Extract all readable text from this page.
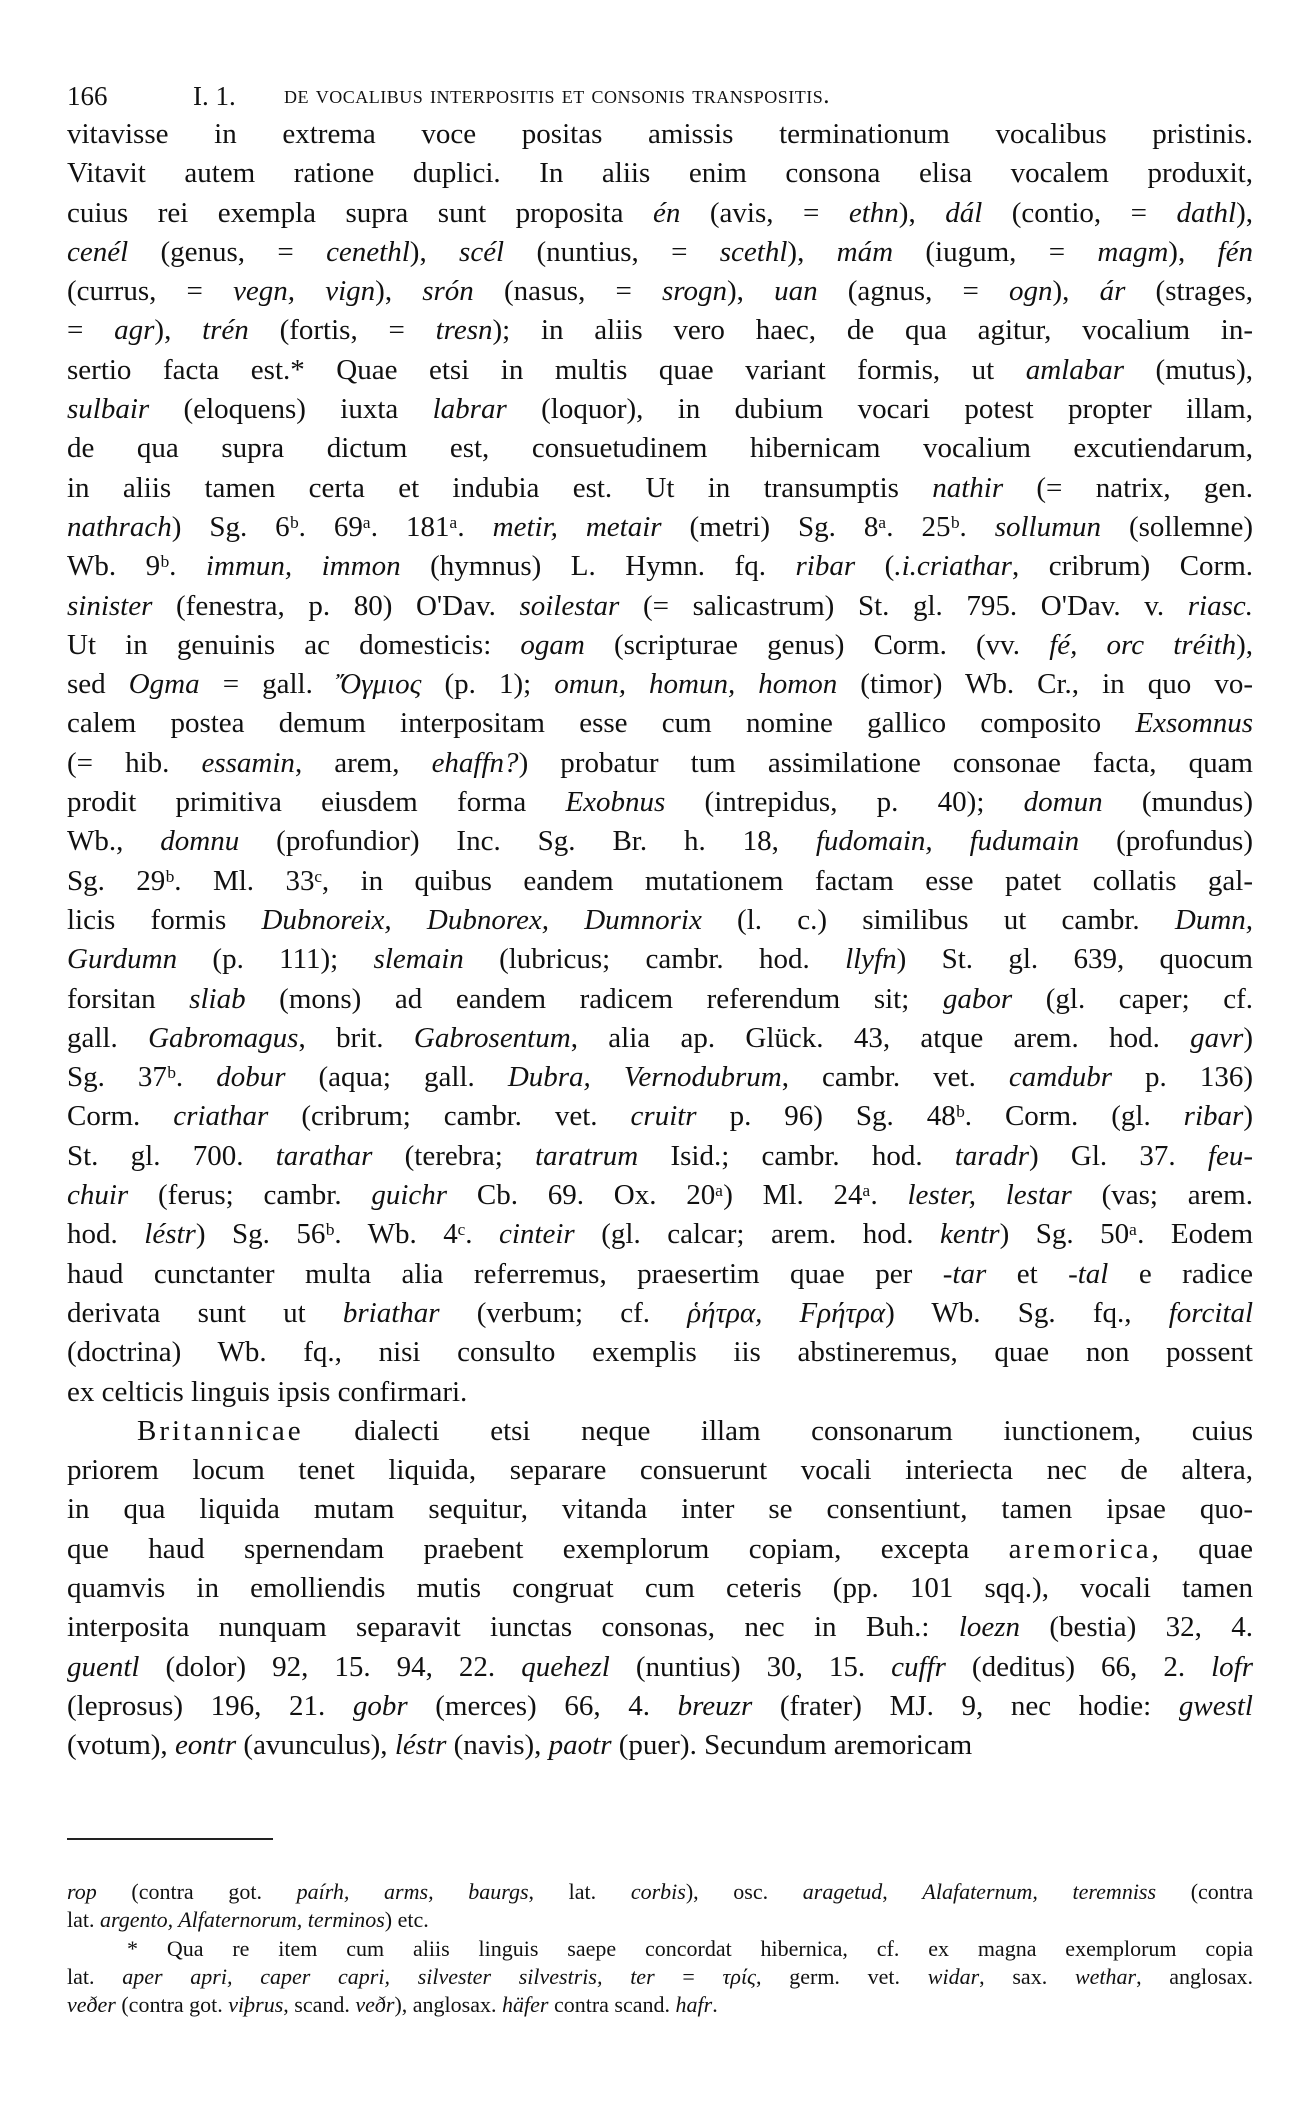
166	I. 1. de vocalibus interpositis et consonis transpositis.
vitavisse in extrema voce positas amissis terminationum vocalibus pristinis.
Vitavit autem ratione duplici. In aliis enim consona elisa vocalem produxit,
cuius rei exempla supra sunt proposita én (avis, = ethn), dál (contio, = dathl),
cenél (genus, = cenethl), scél (nuntius, = scethl), mám (iugum, = magm), fén
(currus, = vegn, vign), srón (nasus, = srogn), uan (agnus, = ogn), ár (strages,
= agr), trén (fortis, = tresn); in aliis vero haec, de qua agitur, vocalium in-
sertio facta est.* Quae etsi in multis quae variant formis, ut amlabar (mutus),
sulbair (eloquens) iuxta labrar (loquor), in dubium vocari potest propter illam,
de qua supra dictum est, consuetudinem hibernicam vocalium excutiendarum,
in aliis tamen certa et indubia est. Ut in transumptis nathir (= natrix, gen.
nathrach) Sg. 6ᵇ. 69ᵃ. 181ᵃ. metir, metair (metri) Sg. 8ᵃ. 25ᵇ. sollumun (sollemne)
Wb. 9ᵇ. immun, immon (hymnus) L. Hymn. fq. ribar (.i.criathar, cribrum) Corm.
sinister (fenestra, p. 80) O'Dav. soilestar (= salicastrum) St. gl. 795. O'Dav. v. riasc.
Ut in genuinis ac domesticis: ogam (scripturae genus) Corm. (vv. fé, orc tréith),
sed Ogma = gall. Ὄγμιος (p. 1); omun, homun, homon (timor) Wb. Cr., in quo vo-
calem postea demum interpositam esse cum nomine gallico composito Exsomnus
(= hib. essamin, arem, ehaffn?) probatur tum assimilatione consonae facta, quam
prodit primitiva eiusdem forma Exobnus (intrepidus, p. 40); domun (mundus)
Wb., domnu (profundior) Inc. Sg. Br. h. 18, fudomain, fudumain (profundus)
Sg. 29ᵇ. Ml. 33ᶜ, in quibus eandem mutationem factam esse patet collatis gal-
licis formis Dubnoreix, Dubnorex, Dumnorix (l. c.) similibus ut cambr. Dumn,
Gurdumn (p. 111); slemain (lubricus; cambr. hod. llyfn) St. gl. 639, quocum
forsitan sliab (mons) ad eandem radicem referendum sit; gabor (gl. caper; cf.
gall. Gabromagus, brit. Gabrosentum, alia ap. Glück. 43, atque arem. hod. gavr)
Sg. 37ᵇ. dobur (aqua; gall. Dubra, Vernodubrum, cambr. vet. camdubr p. 136)
Corm. criathar (cribrum; cambr. vet. cruitr p. 96) Sg. 48ᵇ. Corm. (gl. ribar)
St. gl. 700. tarathar (terebra; taratrum Isid.; cambr. hod. taradr) Gl. 37. feu-
chuir (ferus; cambr. guichr Cb. 69. Ox. 20ᵃ) Ml. 24ᵃ. lester, lestar (vas; arem.
hod. léstr) Sg. 56ᵇ. Wb. 4ᶜ. cinteir (gl. calcar; arem. hod. kentr) Sg. 50ᵃ. Eodem
haud cunctanter multa alia referremus, praesertim quae per -tar et -tal e radice
derivata sunt ut briathar (verbum; cf. ῥήτρα, Fρήτρα) Wb. Sg. fq., forcital
(doctrina) Wb. fq., nisi consulto exemplis iis abstineremus, quae non possent
ex celticis linguis ipsis confirmari.
Britannicae dialecti etsi neque illam consonarum iunctionem, cuius
priorem locum tenet liquida, separare consuerunt vocali interiecta nec de altera,
in qua liquida mutam sequitur, vitanda inter se consentiunt, tamen ipsae quo-
que haud spernendam praebent exemplorum copiam, excepta aremorica, quae
quamvis in emolliendis mutis congruat cum ceteris (pp. 101 sqq.), vocali tamen
interposita nunquam separavit iunctas consonas, nec in Buh.: loezn (bestia) 32, 4.
guentl (dolor) 92, 15. 94, 22. quehezl (nuntius) 30, 15. cuffr (deditus) 66, 2. lofr
(leprosus) 196, 21. gobr (merces) 66, 4. breuzr (frater) MJ. 9, nec hodie: gwestl
(votum), eontr (avunculus), léstr (navis), paotr (puer). Secundum aremoricam
rop (contra got. paírh, arms, baurgs, lat. corbis), osc. aragetud, Alafaternum, teremniss (contra
lat. argento, Alfaternorum, terminos) etc.
* Qua re item cum aliis linguis saepe concordat hibernica, cf. ex magna exemplorum copia
lat. aper apri, caper capri, silvester silvestris, ter = τρίς, germ. vet. widar, sax. wethar, anglosax.
veðer (contra got. viþrus, scand. veðr), anglosax. häfer contra scand. hafr.
